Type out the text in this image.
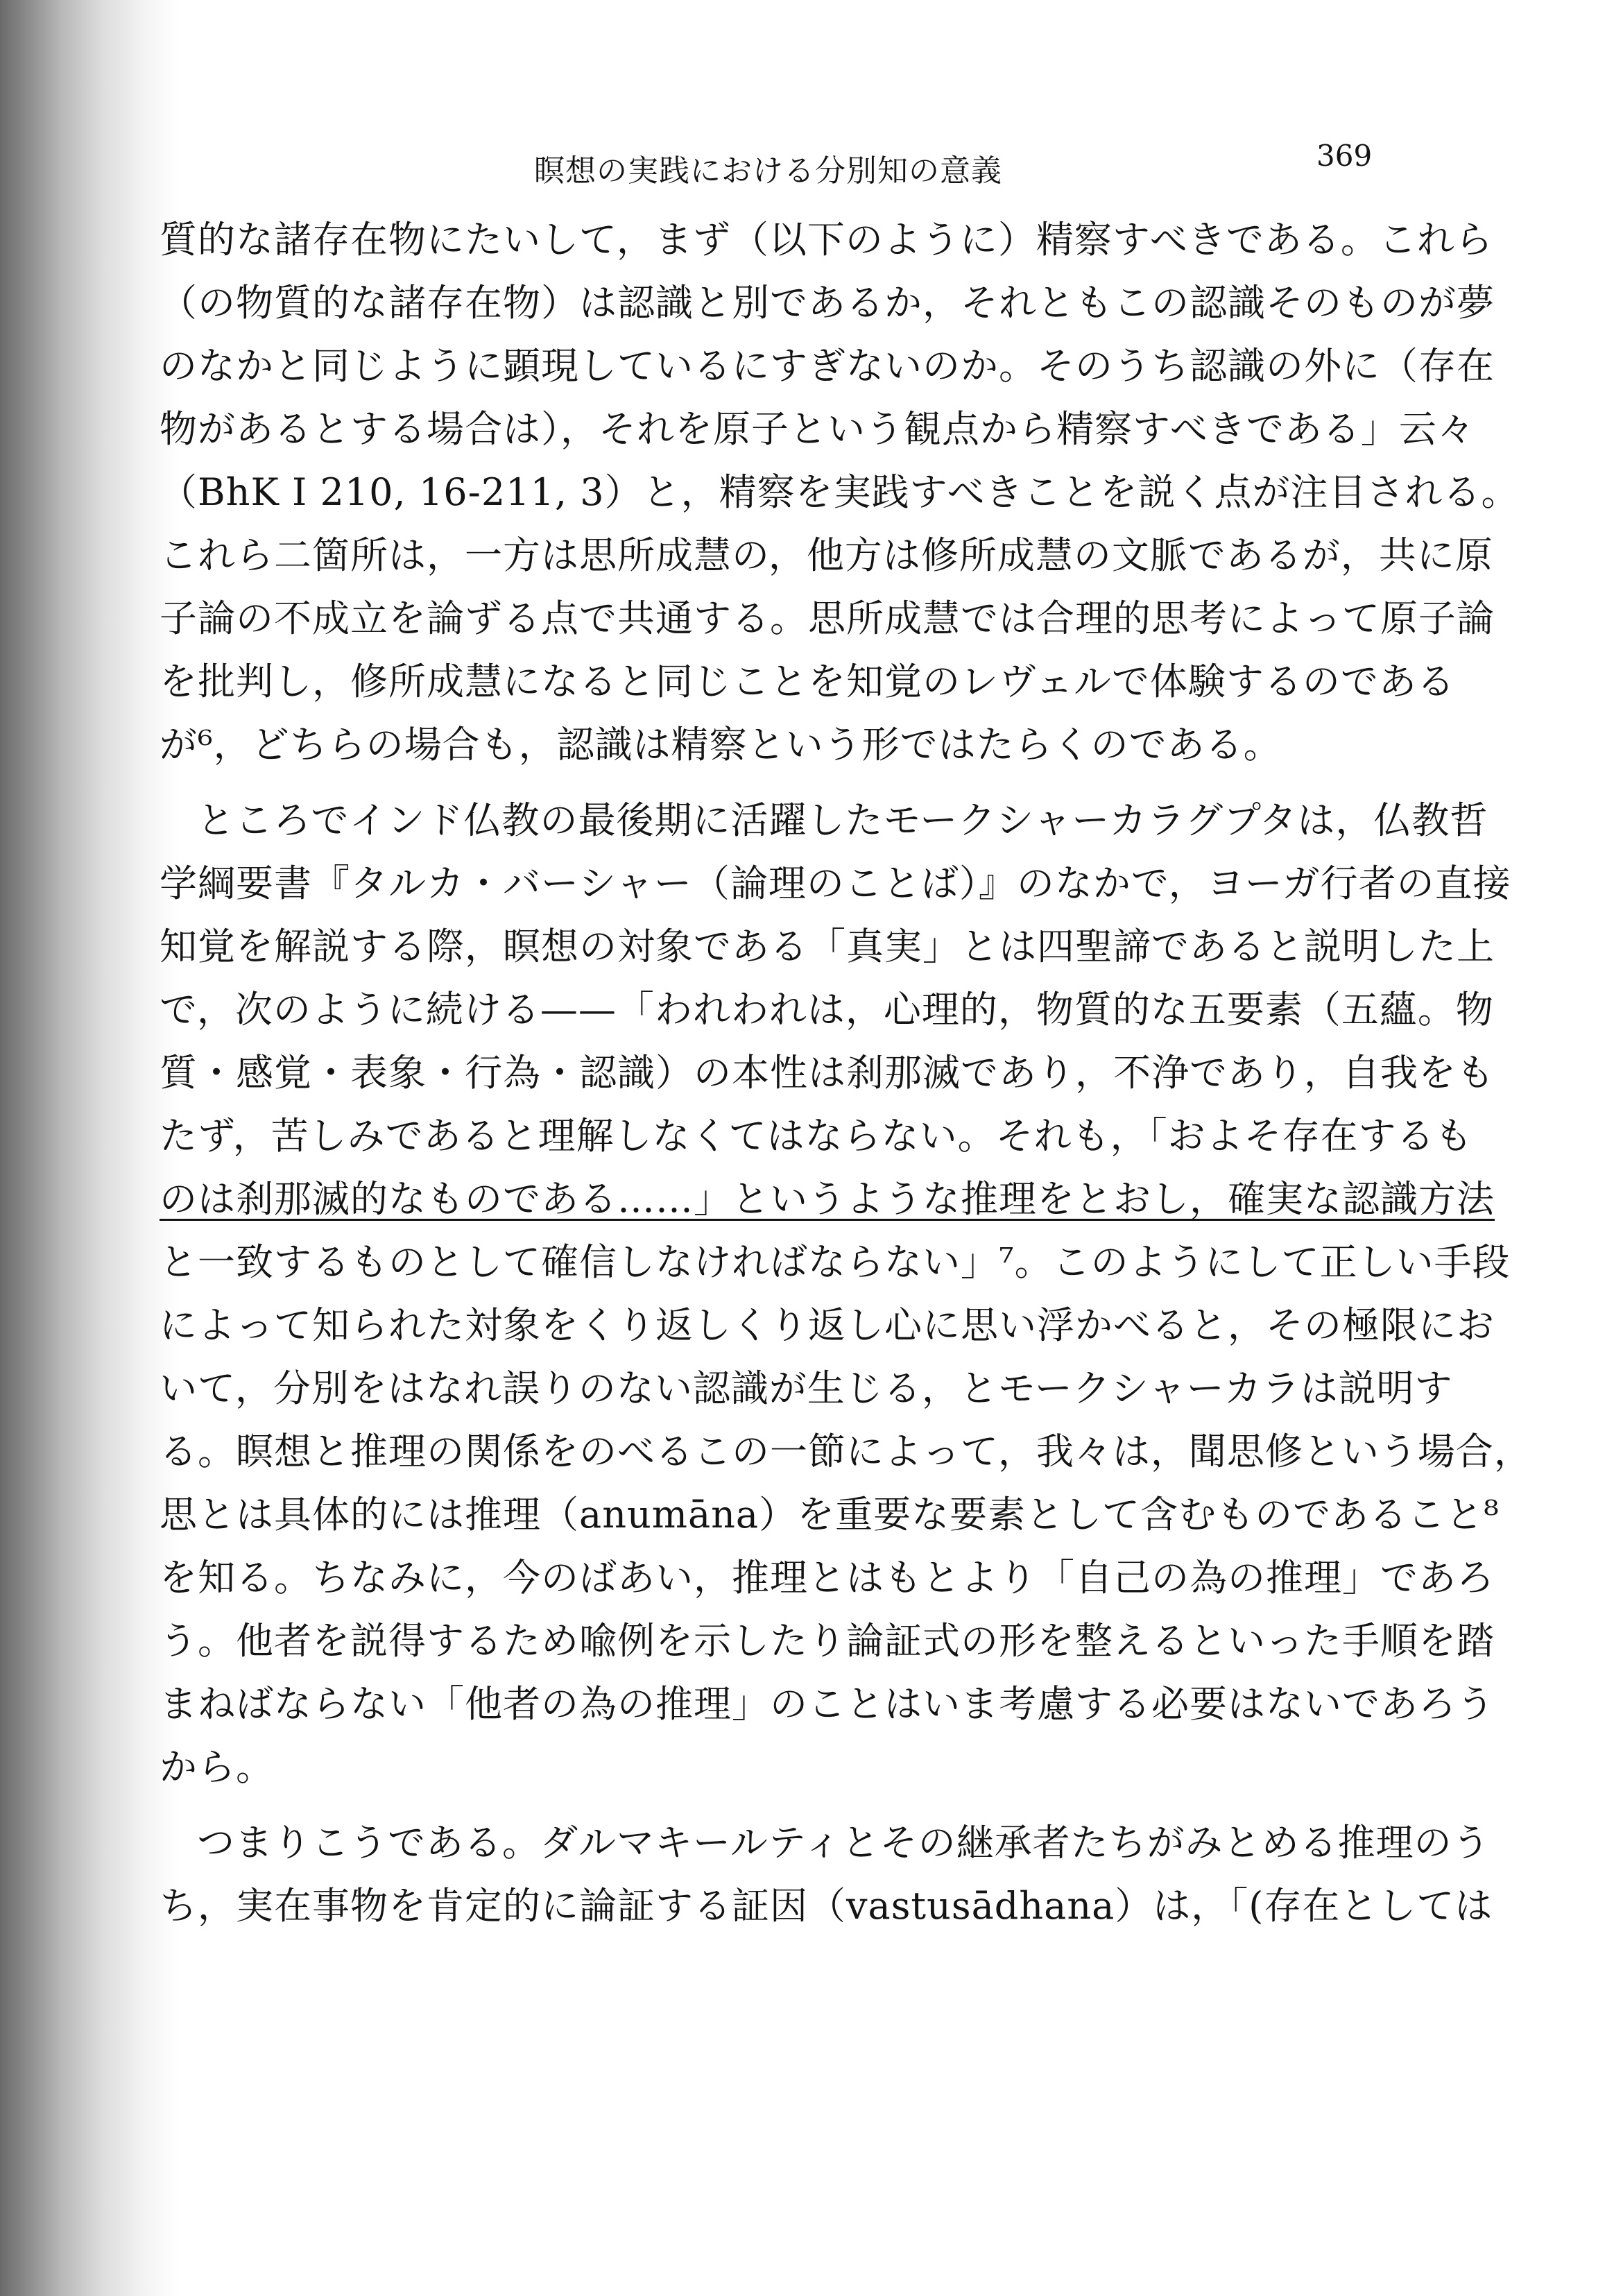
瞑想の実践における分別知の意義	369
質的な諸存在物にたいして，まず（以下のように）精察すべきである。これら
（の物質的な諸存在物）は認識と別であるか，それともこの認識そのものが夢
のなかと同じように顕現しているにすぎないのか。そのうち認識の外に（存在
物があるとする場合は），それを原子という観点から精察すべきである」云々
（BhK I 210, 16-211, 3）と，精察を実践すべきことを説く点が注目される。
これら二箇所は，一方は思所成慧の，他方は修所成慧の文脈であるが，共に原
子論の不成立を論ずる点で共通する。思所成慧では合理的思考によって原子論
を批判し，修所成慧になると同じことを知覚のレヴェルで体験するのである
が⁶，どちらの場合も，認識は精察という形ではたらくのである。
ところでインド仏教の最後期に活躍したモークシャーカラグプタは，仏教哲
学綱要書『タルカ・バーシャー（論理のことば）』のなかで，ヨーガ行者の直接
知覚を解説する際，瞑想の対象である「真実」とは四聖諦であると説明した上
で，次のように続ける——「われわれは，心理的，物質的な五要素（五蘊。物
質・感覚・表象・行為・認識）の本性は刹那滅であり，不浄であり，自我をも
たず，苦しみであると理解しなくてはならない。それも，「およそ存在するも
のは刹那滅的なものである……」というような推理をとおし，確実な認識方法
と一致するものとして確信しなければならない」⁷。このようにして正しい手段
によって知られた対象をくり返しくり返し心に思い浮かべると，その極限にお
いて，分別をはなれ誤りのない認識が生じる，とモークシャーカラは説明す
る。瞑想と推理の関係をのべるこの一節によって，我々は，聞思修という場合，
思とは具体的には推理（anumāna）を重要な要素として含むものであること⁸
を知る。ちなみに，今のばあい，推理とはもとより「自己の為の推理」であろ
う。他者を説得するため喩例を示したり論証式の形を整えるといった手順を踏
まねばならない「他者の為の推理」のことはいま考慮する必要はないであろう
から。
つまりこうである。ダルマキールティとその継承者たちがみとめる推理のう
ち，実在事物を肯定的に論証する証因（vastusādhana）は，「(存在としては
